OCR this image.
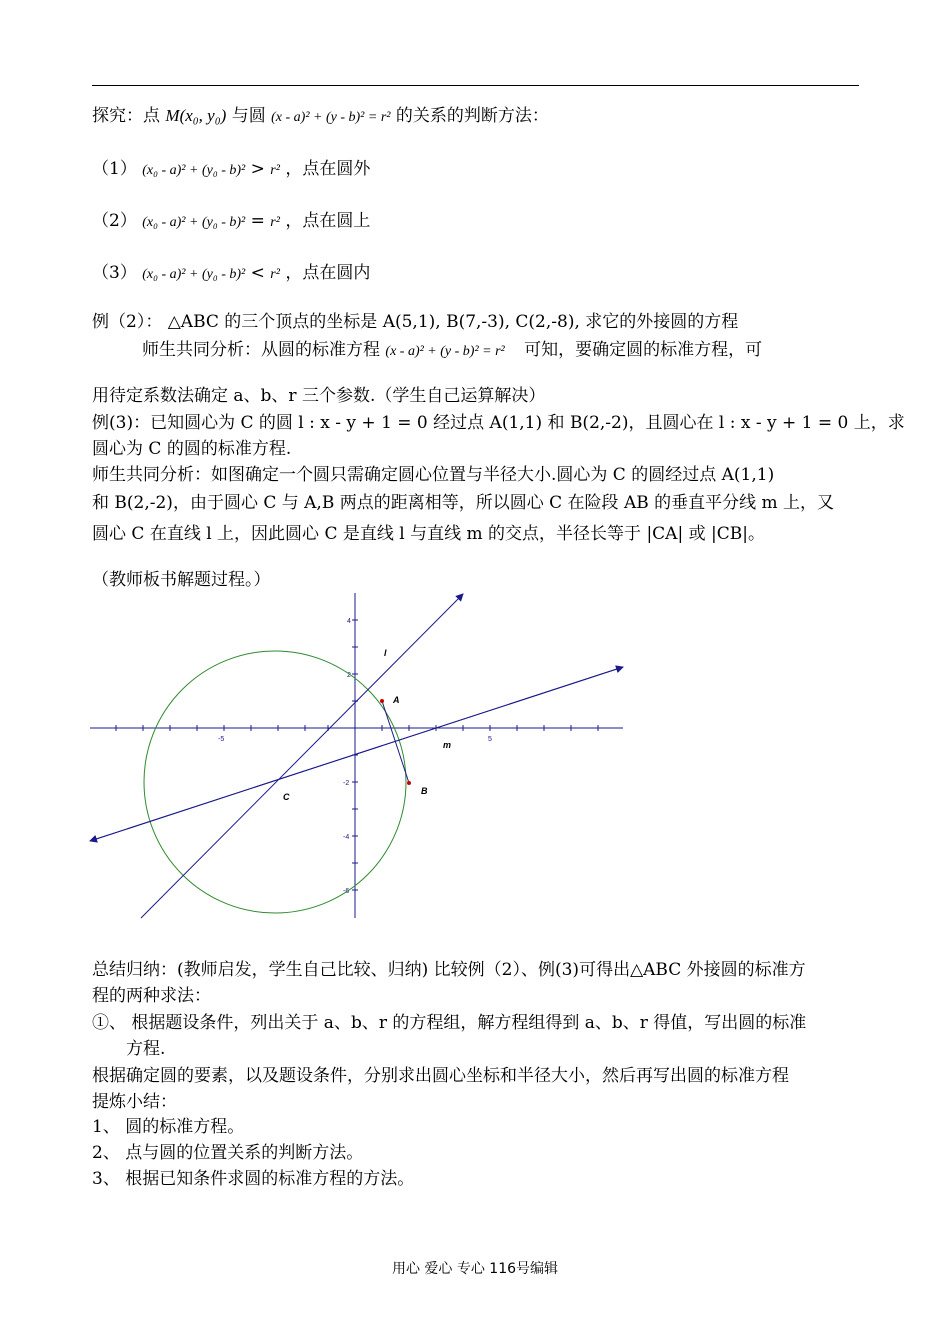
探究：点 M(x₀, y₀) 与圆 (x - a)² + (y - b)² = r² 的关系的判断方法：
（1） (x₀ - a)² + (y₀ - b)² > r² ，点在圆外
（2） (x₀ - a)² + (y₀ - b)² = r² ，点在圆上
（3） (x₀ - a)² + (y₀ - b)² < r² ，点在圆内
例（2）： △ABC 的三个顶点的坐标是 A(5,1), B(7,-3), C(2,-8), 求它的外接圆的方程
师生共同分析：从圆的标准方程 (x - a)² + (y - b)² = r² 可知，要确定圆的标准方程，可
用待定系数法确定 a、b、r 三个参数.（学生自己运算解决）
例(3)：已知圆心为 C 的圆 l : x - y + 1 = 0 经过点 A(1,1) 和 B(2,-2)，且圆心在 l : x - y + 1 = 0 上，求
圆心为 C 的圆的标准方程.
师生共同分析：如图确定一个圆只需确定圆心位置与半径大小.圆心为 C 的圆经过点 A(1,1)
和 B(2,-2)，由于圆心 C 与 A,B 两点的距离相等，所以圆心 C 在险段 AB 的垂直平分线 m 上，又
圆心 C 在直线 l 上，因此圆心 C 是直线 l 与直线 m 的交点，半径长等于 |CA| 或 |CB|。
（教师板书解题过程。）
-5	5
4
2
-2
-4
-6
l
A
m
B
C
总结归纳：(教师启发，学生自己比较、归纳) 比较例（2）、例(3)可得出△ABC 外接圆的标准方
程的两种求法：
①、 根据题设条件，列出关于 a、b、r 的方程组，解方程组得到 a、b、r 得值，写出圆的标准
方程.
根据确定圆的要素，以及题设条件，分别求出圆心坐标和半径大小，然后再写出圆的标准方程
提炼小结：
1、 圆的标准方程。
2、 点与圆的位置关系的判断方法。
3、 根据已知条件求圆的标准方程的方法。
用心 爱心 专心 116号编辑
